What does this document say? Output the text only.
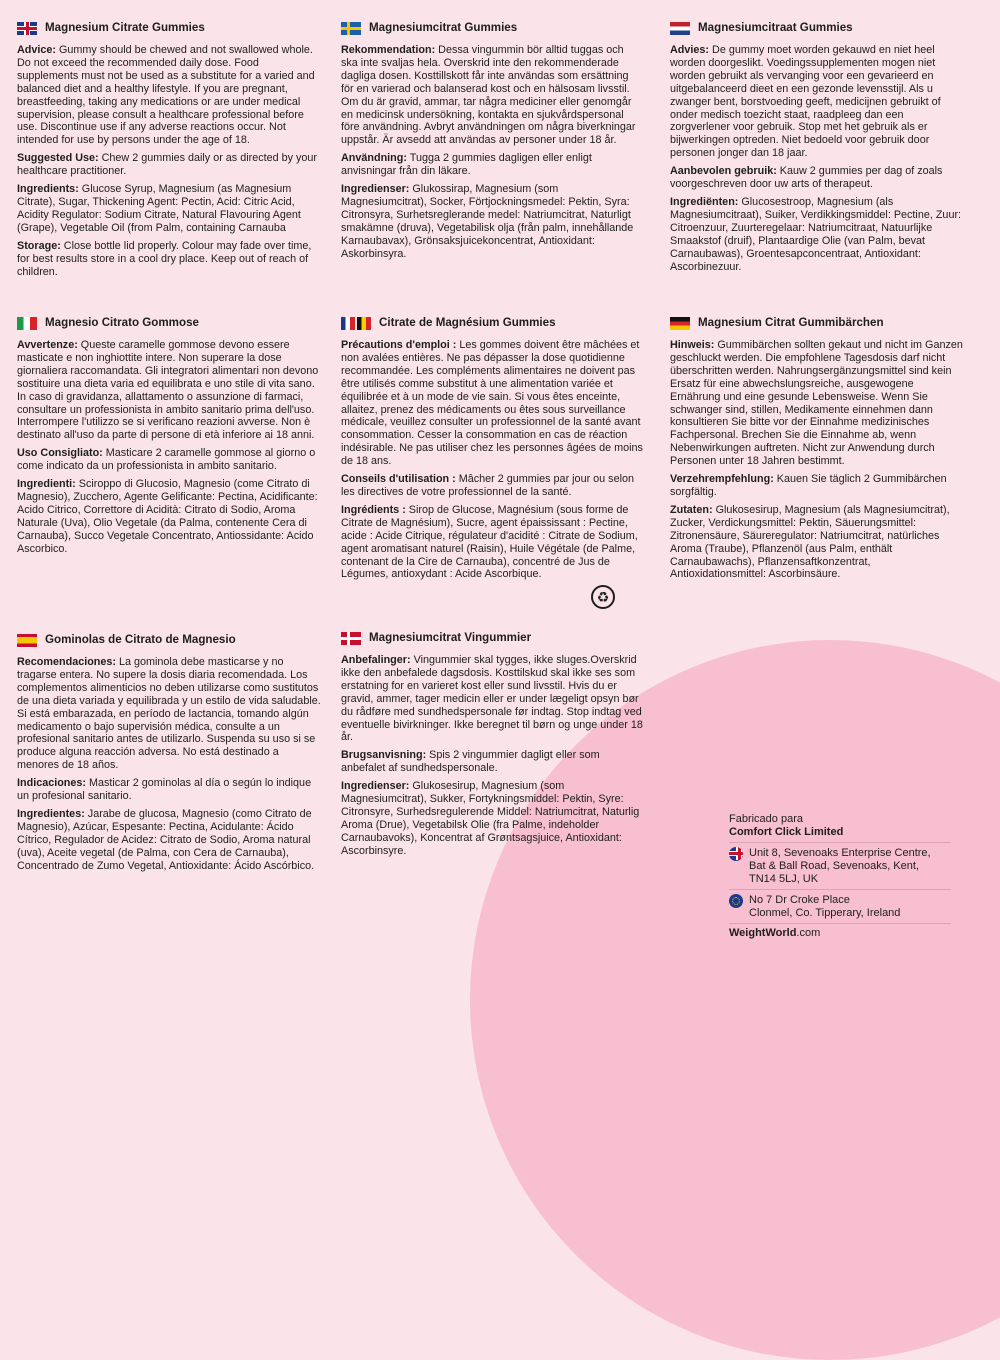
Magnesium Citrate Gummies

Advice: Gummy should be chewed and not swallowed whole. Do not exceed the recommended daily dose. Food supplements must not be used as a substitute for a varied and balanced diet and a healthy lifestyle. If you are pregnant, breastfeeding, taking any medications or are under medical supervision, please consult a healthcare professional before use. Discontinue use if any adverse reactions occur. Not intended for use by persons under the age of 18.

Suggested Use: Chew 2 gummies daily or as directed by your healthcare practitioner.

Ingredients: Glucose Syrup, Magnesium (as Magnesium Citrate), Sugar, Thickening Agent: Pectin, Acid: Citric Acid, Acidity Regulator: Sodium Citrate, Natural Flavouring Agent (Grape), Vegetable Oil (from Palm, containing Carnauba

Storage: Close bottle lid properly. Colour may fade over time, for best results store in a cool dry place. Keep out of reach of children.

Magnesiumcitrat Gummies

Rekommendation: Dessa vingummin bör alltid tuggas och ska inte svaljas hela. Overskrid inte den rekommenderade dagliga dosen. Kosttillskott får inte användas som ersättning för en varierad och balanserad kost och en hälsosam livsstil. Om du är gravid, ammar, tar några mediciner eller genomgår en medicinsk undersökning, kontakta en sjukvårdspersonal före användning. Avbryt användningen om några biverkningar uppstår. Är avsedd att användas av personer under 18 år.

Användning: Tugga 2 gummies dagligen eller enligt anvisningar från din läkare.

Ingredienser: Glukossirap, Magnesium (som Magnesiumcitrat), Socker, Förtjockningsmedel: Pektin, Syra: Citronsyra, Surhetsreglerande medel: Natriumcitrat, Naturligt smakämne (druva), Vegetabilisk olja (från palm, innehållande Karnaubavax), Grönsaksjuicekoncentrat, Antioxidant: Askorbinsyra.

Magnesiumcitraat Gummies

Advies: De gummy moet worden gekauwd en niet heel worden doorgeslikt. Voedingssupplementen mogen niet worden gebruikt als vervanging voor een gevarieerd en uitgebalanceerd dieet en een gezonde levensstijl. Als u zwanger bent, borstvoeding geeft, medicijnen gebruikt of onder medisch toezicht staat, raadpleeg dan een zorgverlener voor gebruik. Stop met het gebruik als er bijwerkingen optreden. Niet bedoeld voor gebruik door personen jonger dan 18 jaar.

Aanbevolen gebruik: Kauw 2 gummies per dag of zoals voorgeschreven door uw arts of therapeut.

Ingrediënten: Glucosestroop, Magnesium (als Magnesiumcitraat), Suiker, Verdikkingsmiddel: Pectine, Zuur: Citroenzuur, Zuurteregelaar: Natriumcitraat, Natuurlijke Smaakstof (druif), Plantaardige Olie (van Palm, bevat Carnaubawas), Groentesapconcentraat, Antioxidant: Ascorbinezuur.

Magnesio Citrato Gommose

Avvertenze: Queste caramelle gommose devono essere masticate e non inghiottite intere. Non superare la dose giornaliera raccomandata. Gli integratori alimentari non devono sostituire una dieta varia ed equilibrata e uno stile di vita sano. In caso di gravidanza, allattamento o assunzione di farmaci, consultare un professionista in ambito sanitario prima dell'uso. Interrompere l'utilizzo se si verificano reazioni avverse. Non è destinato all'uso da parte di persone di età inferiore ai 18 anni.

Uso Consigliato: Masticare 2 caramelle gommose al giorno o come indicato da un professionista in ambito sanitario.

Ingredienti: Sciroppo di Glucosio, Magnesio (come Citrato di Magnesio), Zucchero, Agente Gelificante: Pectina, Acidificante: Acido Citrico, Correttore di Acidità: Citrato di Sodio, Aroma Naturale (Uva), Olio Vegetale (da Palma, contenente Cera di Carnauba), Succo Vegetale Concentrato, Antiossidante: Acido Ascorbico.

Citrate de Magnésium Gummies

Précautions d'emploi : Les gommes doivent être mâchées et non avalées entières. Ne pas dépasser la dose quotidienne recommandée. Les compléments alimentaires ne doivent pas être utilisés comme substitut à une alimentation variée et équilibrée et à un mode de vie sain. Si vous êtes enceinte, allaitez, prenez des médicaments ou êtes sous surveillance médicale, veuillez consulter un professionnel de la santé avant consommation. Cesser la consommation en cas de réaction indésirable. Ne pas utiliser chez les personnes âgées de moins de 18 ans.

Conseils d'utilisation : Mâcher 2 gummies par jour ou selon les directives de votre professionnel de la santé.

Ingrédients : Sirop de Glucose, Magnésium (sous forme de Citrate de Magnésium), Sucre, agent épaississant : Pectine, acide : Acide Citrique, régulateur d'acidité : Citrate de Sodium, agent aromatisant naturel (Raisin), Huile Végétale (de Palme, contenant de la Cire de Carnauba), concentré de Jus de Légumes, antioxydant : Acide Ascorbique.

♻
Magnesium Citrat Gummibärchen

Hinweis: Gummibärchen sollten gekaut und nicht im Ganzen geschluckt werden. Die empfohlene Tagesdosis darf nicht überschritten werden. Nahrungsergänzungsmittel sind kein Ersatz für eine abwechslungsreiche, ausgewogene Ernährung und eine gesunde Lebensweise. Wenn Sie schwanger sind, stillen, Medikamente einnehmen dann konsultieren Sie bitte vor der Einnahme medizinisches Fachpersonal. Brechen Sie die Einnahme ab, wenn Nebenwirkungen auftreten. Nicht zur Anwendung durch Personen unter 18 Jahren bestimmt.

Verzehrempfehlung: Kauen Sie täglich 2 Gummibärchen sorgfältig.

Zutaten: Glukosesirup, Magnesium (als Magnesiumcitrat), Zucker, Verdickungsmittel: Pektin, Säuerungsmittel: Zitronensäure, Säureregulator: Natriumcitrat, natürliches Aroma (Traube), Pflanzenöl (aus Palm, enthält Carnaubawachs), Pflanzensaftkonzentrat, Antioxidationsmittel: Ascorbinsäure.

Gominolas de Citrato de Magnesio

Recomendaciones: La gominola debe masticarse y no tragarse entera. No supere la dosis diaria recomendada. Los complementos alimenticios no deben utilizarse como sustitutos de una dieta variada y equilibrada y un estilo de vida saludable. Si está embarazada, en período de lactancia, tomando algún medicamento o bajo supervisión médica, consulte a un profesional sanitario antes de utilizarlo. Suspenda su uso si se produce alguna reacción adversa. No está destinado a menores de 18 años.

Indicaciones: Masticar 2 gominolas al día o según lo indique un profesional sanitario.

Ingredientes: Jarabe de glucosa, Magnesio (como Citrato de Magnesio), Azúcar, Espesante: Pectina, Acidulante: Ácido Cítrico, Regulador de Acidez: Citrato de Sodio, Aroma natural (uva), Aceite vegetal (de Palma, con Cera de Carnauba), Concentrado de Zumo Vegetal, Antioxidante: Ácido Ascórbico.

Magnesiumcitrat Vingummier

Anbefalinger: Vingummier skal tygges, ikke sluges.Overskrid ikke den anbefalede dagsdosis. Kosttilskud skal ikke ses som erstatning for en varieret kost eller sund livsstil. Hvis du er gravid, ammer, tager medicin eller er under lægeligt opsyn bør du rådføre med sundhedspersonale før indtag. Stop indtag ved eventuelle bivirkninger. Ikke beregnet til børn og unge under 18 år.

Brugsanvisning: Spis 2 vingummier dagligt eller som anbefalet af sundhedspersonale.

Ingredienser: Glukosesirup, Magnesium (som Magnesiumcitrat), Sukker, Fortykningsmiddel: Pektin, Syre: Citronsyre, Surhedsregulerende Middel: Natriumcitrat, Naturlig Aroma (Drue), Vegetabilsk Olie (fra Palme, indeholder Carnaubavoks), Koncentrat af Grøntsagsjuice, Antioxidant: Ascorbinsyre.

Fabricado para
Comfort Click Limited
Unit 8, Sevenoaks Enterprise Centre,
Bat & Ball Road, Sevenoaks, Kent,
TN14 5LJ, UK
No 7 Dr Croke Place
Clonmel, Co. Tipperary, Ireland
WeightWorld.com
